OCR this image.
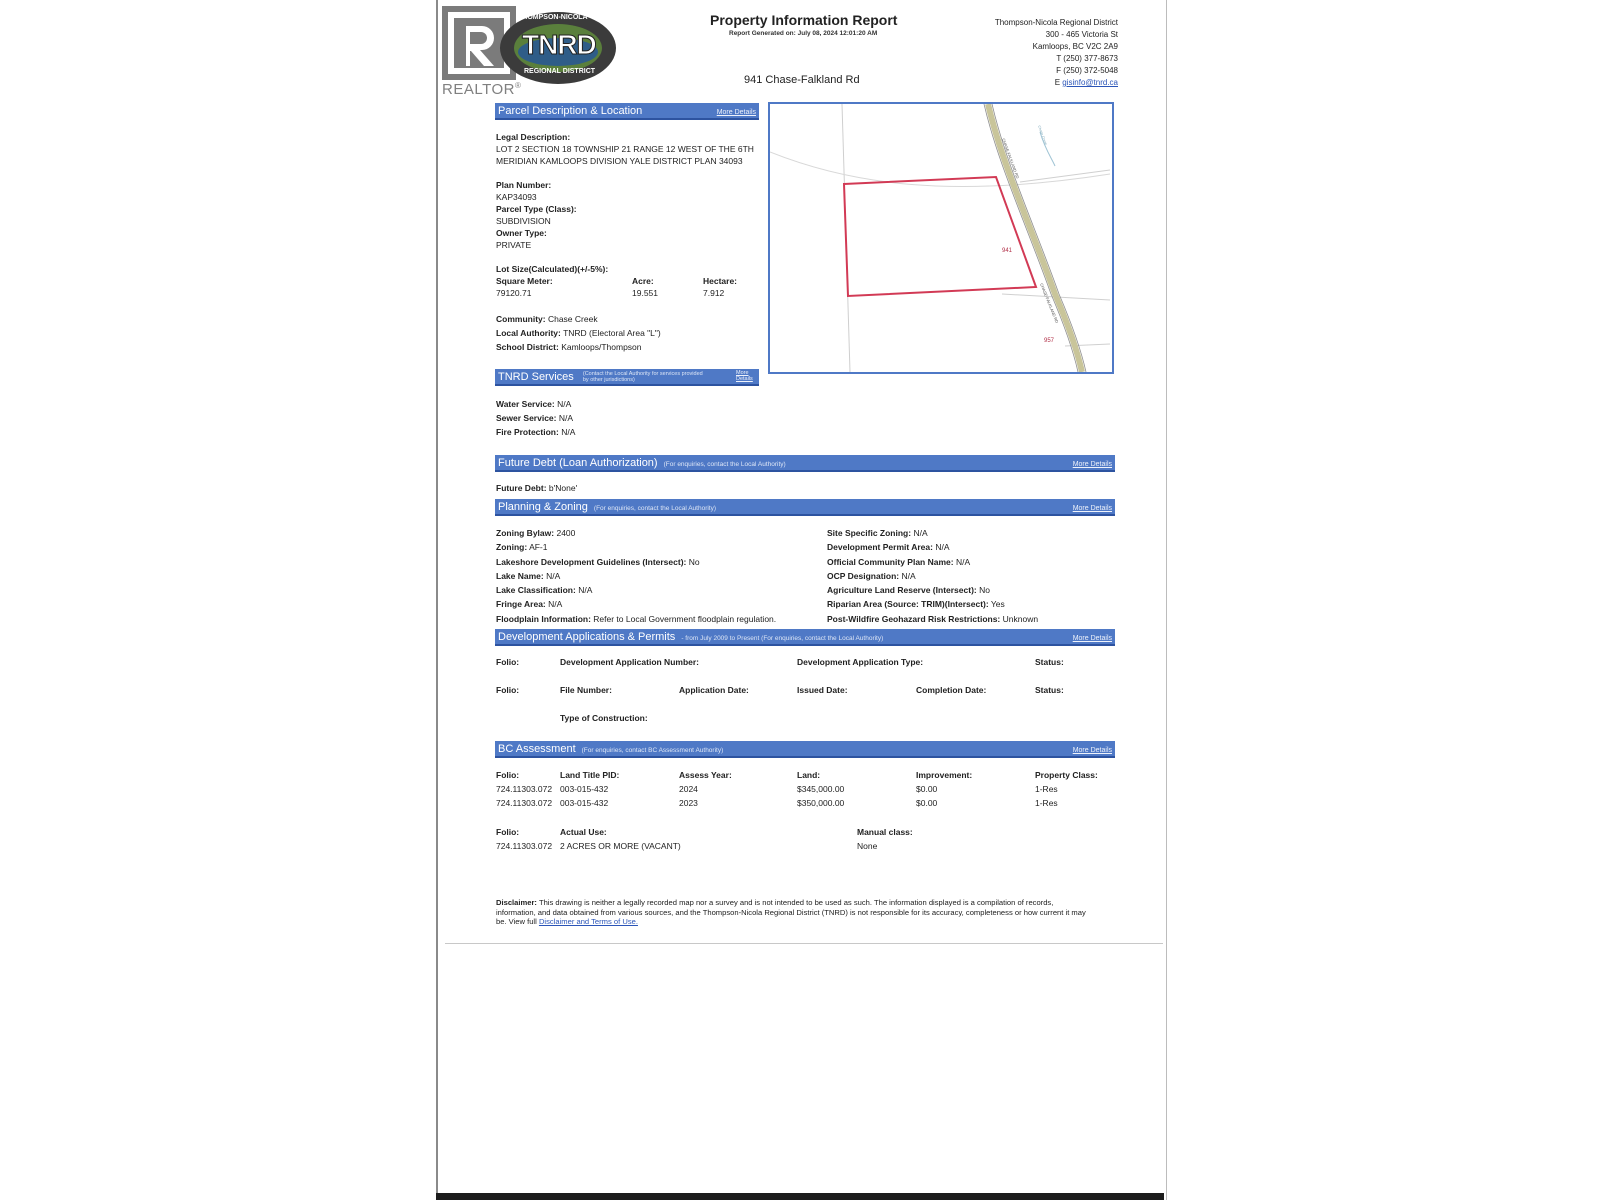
REALTOR®
THOMPSON-NICOLA
TNRD
REGIONAL DISTRICT
Property Information Report
Report Generated on: July 08, 2024 12:01:20 AM
941 Chase-Falkland Rd
Thompson-Nicola Regional District
300 - 465 Victoria St
Kamloops, BC V2C 2A9
T (250) 377-8673
F (250) 372-5048
E gisinfo@tnrd.ca
Parcel Description & Location	More Details
Legal Description:
LOT 2 SECTION 18 TOWNSHIP 21 RANGE 12 WEST OF THE 6TH
MERIDIAN KAMLOOPS DIVISION YALE DISTRICT PLAN 34093
Plan Number:
KAP34093
Parcel Type (Class):
SUBDIVISION
Owner Type:
PRIVATE
Lot Size(Calculated)(+/-5%):
Square Meter:
79120.71
Acre:
19.551
Hectare:
7.912
Community: Chase Creek
Local Authority: TNRD (Electoral Area "L")
School District: Kamloops/Thompson
941
957
CHASE-FALKLAND RD
CHASE-FALKLAND RD
Chase Creek
TNRD Services (Contact the Local Authority for services provided by other jurisdictions)
More Details
Water Service: N/A
Sewer Service: N/A
Fire Protection: N/A
Future Debt (Loan Authorization) (For enquiries, contact the Local Authority)	More Details
Future Debt: b'None'
Planning & Zoning (For enquiries, contact the Local Authority)	More Details
Zoning Bylaw: 2400
Zoning: AF-1
Lakeshore Development Guidelines (Intersect): No
Lake Name: N/A
Lake Classification: N/A
Fringe Area: N/A
Floodplain Information: Refer to Local Government floodplain regulation.
Site Specific Zoning: N/A
Development Permit Area: N/A
Official Community Plan Name: N/A
OCP Designation: N/A
Agriculture Land Reserve (Intersect): No
Riparian Area (Source: TRIM)(Intersect): Yes
Post-Wildfire Geohazard Risk Restrictions: Unknown
Development Applications & Permits - from July 2009 to Present (For enquiries, contact the Local Authority)	More Details
Folio:	Development Application Number:	Development Application Type:	Status:
Folio:	File Number:	Application Date:	Issued Date:	Completion Date:	Status:
Type of Construction:
BC Assessment (For enquiries, contact BC Assessment Authority)	More Details
Folio:	Land Title PID:	Assess Year:	Land:	Improvement:	Property Class:
724.11303.072 003-015-432	2024	$345,000.00	$0.00	1-Res
724.11303.072 003-015-432	2023	$350,000.00	$0.00	1-Res
Folio:	Actual Use:	Manual class:
724.11303.072 2 ACRES OR MORE (VACANT)	None
Disclaimer: This drawing is neither a legally recorded map nor a survey and is not intended to be used as such. The information displayed is a compilation of records, information, and data obtained from various sources, and the Thompson-Nicola Regional District (TNRD) is not responsible for its accuracy, completeness or how current it may be. View full Disclaimer and Terms of Use.
